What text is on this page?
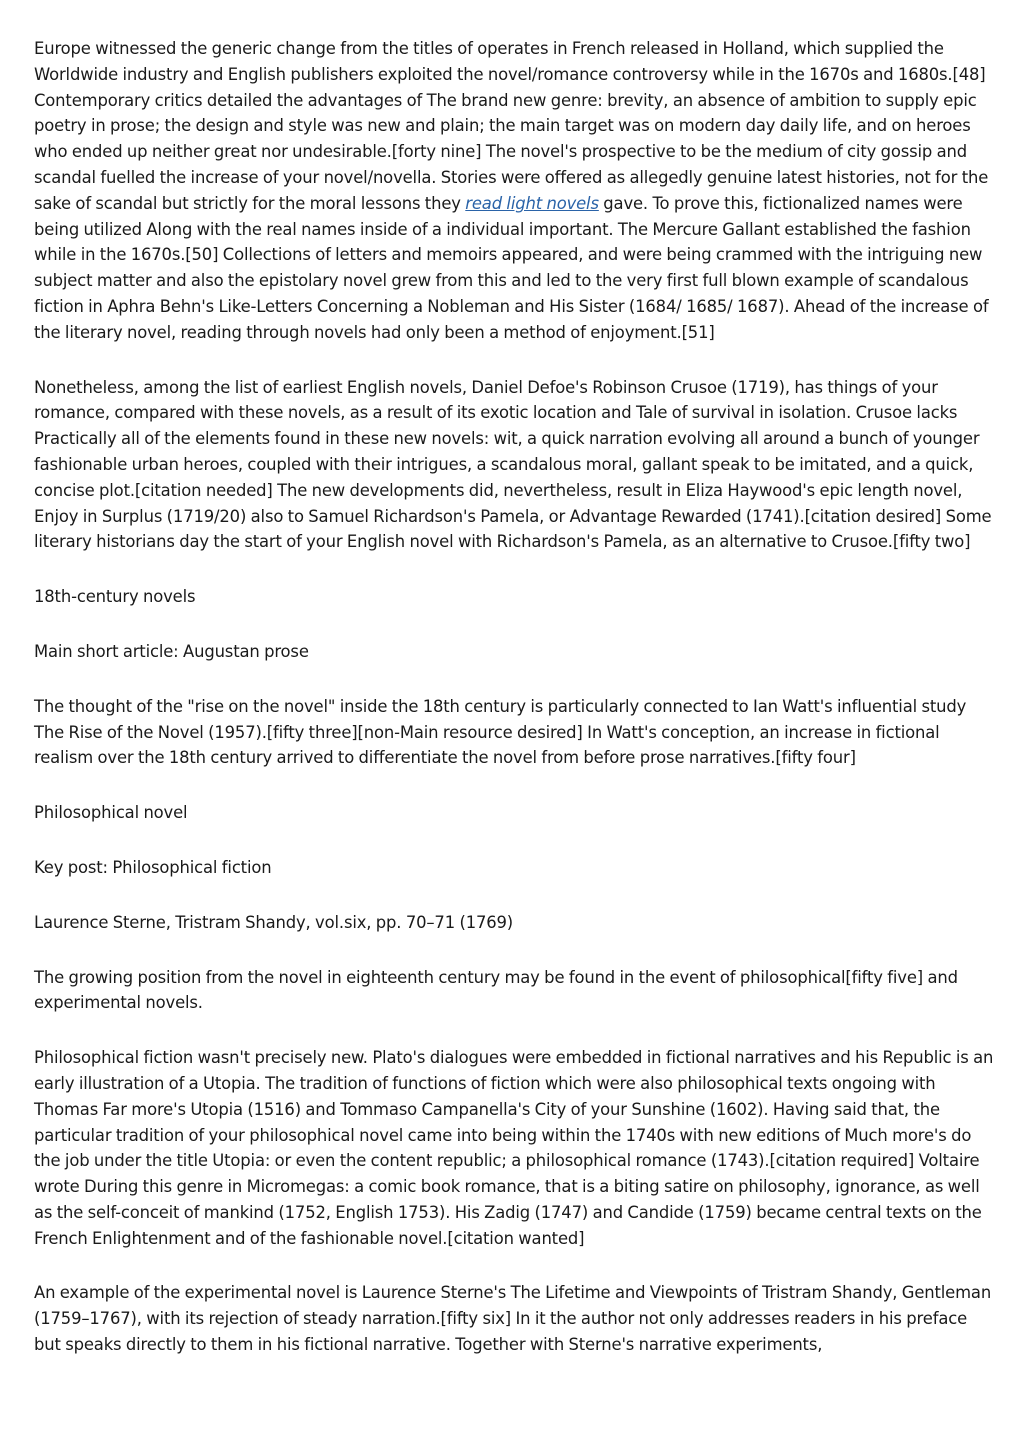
Europe witnessed the generic change from the titles of operates in French released in Holland, which supplied the Worldwide industry and English publishers exploited the novel/romance controversy while in the 1670s and 1680s.[48] Contemporary critics detailed the advantages of The brand new genre: brevity, an absence of ambition to supply epic poetry in prose; the design and style was new and plain; the main target was on modern day daily life, and on heroes who ended up neither great nor undesirable.[forty nine] The novel's prospective to be the medium of city gossip and scandal fuelled the increase of your novel/novella. Stories were offered as allegedly genuine latest histories, not for the sake of scandal but strictly for the moral lessons they read light novels gave. To prove this, fictionalized names were being utilized Along with the real names inside of a individual important. The Mercure Gallant established the fashion while in the 1670s.[50] Collections of letters and memoirs appeared, and were being crammed with the intriguing new subject matter and also the epistolary novel grew from this and led to the very first full blown example of scandalous fiction in Aphra Behn's Like-Letters Concerning a Nobleman and His Sister (1684/ 1685/ 1687). Ahead of the increase of the literary novel, reading through novels had only been a method of enjoyment.[51]

Nonetheless, among the list of earliest English novels, Daniel Defoe's Robinson Crusoe (1719), has things of your romance, compared with these novels, as a result of its exotic location and Tale of survival in isolation. Crusoe lacks Practically all of the elements found in these new novels: wit, a quick narration evolving all around a bunch of younger fashionable urban heroes, coupled with their intrigues, a scandalous moral, gallant speak to be imitated, and a quick, concise plot.[citation needed] The new developments did, nevertheless, result in Eliza Haywood's epic length novel, Enjoy in Surplus (1719/20) also to Samuel Richardson's Pamela, or Advantage Rewarded (1741).[citation desired] Some literary historians day the start of your English novel with Richardson's Pamela, as an alternative to Crusoe.[fifty two]

18th-century novels

Main short article: Augustan prose

The thought of the "rise on the novel" inside the 18th century is particularly connected to Ian Watt's influential study The Rise of the Novel (1957).[fifty three][non-Main resource desired] In Watt's conception, an increase in fictional realism over the 18th century arrived to differentiate the novel from before prose narratives.[fifty four]

Philosophical novel

Key post: Philosophical fiction

Laurence Sterne, Tristram Shandy, vol.six, pp. 70–71 (1769)

The growing position from the novel in eighteenth century may be found in the event of philosophical[fifty five] and experimental novels.

Philosophical fiction wasn't precisely new. Plato's dialogues were embedded in fictional narratives and his Republic is an early illustration of a Utopia. The tradition of functions of fiction which were also philosophical texts ongoing with Thomas Far more's Utopia (1516) and Tommaso Campanella's City of your Sunshine (1602). Having said that, the particular tradition of your philosophical novel came into being within the 1740s with new editions of Much more's do the job under the title Utopia: or even the content republic; a philosophical romance (1743).[citation required] Voltaire wrote During this genre in Micromegas: a comic book romance, that is a biting satire on philosophy, ignorance, as well as the self-conceit of mankind (1752, English 1753). His Zadig (1747) and Candide (1759) became central texts on the French Enlightenment and of the fashionable novel.[citation wanted]

An example of the experimental novel is Laurence Sterne's The Lifetime and Viewpoints of Tristram Shandy, Gentleman (1759–1767), with its rejection of steady narration.[fifty six] In it the author not only addresses readers in his preface but speaks directly to them in his fictional narrative. Together with Sterne's narrative experiments,
